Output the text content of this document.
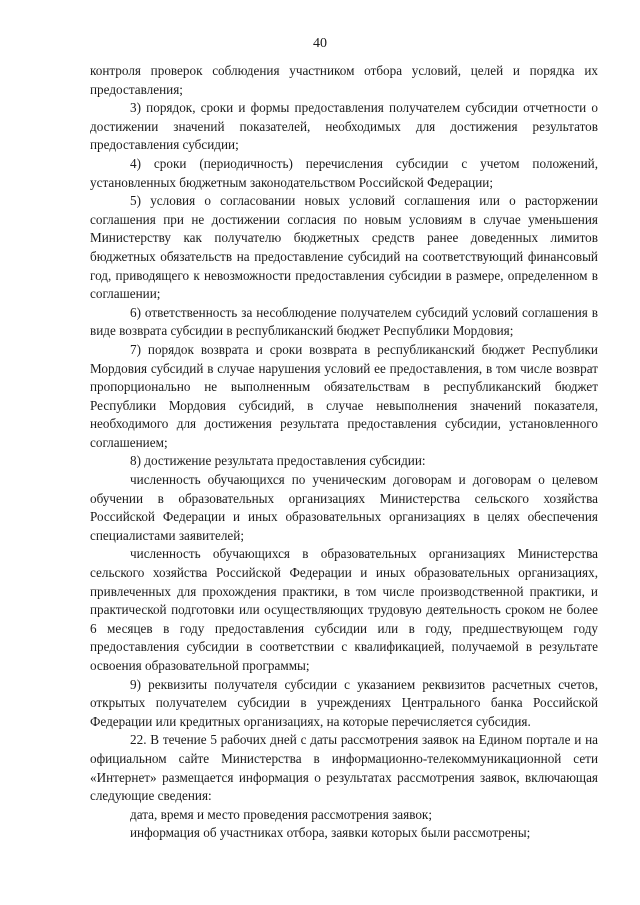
40

контроля проверок соблюдения участником отбора условий, целей и порядка их предоставления;

3) порядок, сроки и формы предоставления получателем субсидии отчетности о достижении значений показателей, необходимых для достижения результатов предоставления субсидии;

4) сроки (периодичность) перечисления субсидии с учетом положений, установленных бюджетным законодательством Российской Федерации;

5) условия о согласовании новых условий соглашения или о расторжении соглашения при не достижении согласия по новым условиям в случае уменьшения Министерству как получателю бюджетных средств ранее доведенных лимитов бюджетных обязательств на предоставление субсидий на соответствующий финансовый год, приводящего к невозможности предоставления субсидии в размере, определенном в соглашении;

6) ответственность за несоблюдение получателем субсидий условий соглашения в виде возврата субсидии в республиканский бюджет Республики Мордовия;

7) порядок возврата и сроки возврата в республиканский бюджет Республики Мордовия субсидий в случае нарушения условий ее предоставления, в том числе возврат пропорционально не выполненным обязательствам в республиканский бюджет Республики Мордовия субсидий, в случае невыполнения значений показателя, необходимого для достижения результата предоставления субсидии, установленного соглашением;

8) достижение результата предоставления субсидии:

численность обучающихся по ученическим договорам и договорам о целевом обучении в образовательных организациях Министерства сельского хозяйства Российской Федерации и иных образовательных организациях в целях обеспечения специалистами заявителей;

численность обучающихся в образовательных организациях Министерства сельского хозяйства Российской Федерации и иных образовательных организациях, привлеченных для прохождения практики, в том числе производственной практики, и практической подготовки или осуществляющих трудовую деятельность сроком не более 6 месяцев в году предоставления субсидии или в году, предшествующем году предоставления субсидии в соответствии с квалификацией, получаемой в результате освоения образовательной программы;

9) реквизиты получателя субсидии с указанием реквизитов расчетных счетов, открытых получателем субсидии в учреждениях Центрального банка Российской Федерации или кредитных организациях, на которые перечисляется субсидия.

22. В течение 5 рабочих дней с даты рассмотрения заявок на Едином портале и на официальном сайте Министерства в информационно-телекоммуникационной сети «Интернет» размещается информация о результатах рассмотрения заявок, включающая следующие сведения:

дата, время и место проведения рассмотрения заявок;

информация об участниках отбора, заявки которых были рассмотрены;
